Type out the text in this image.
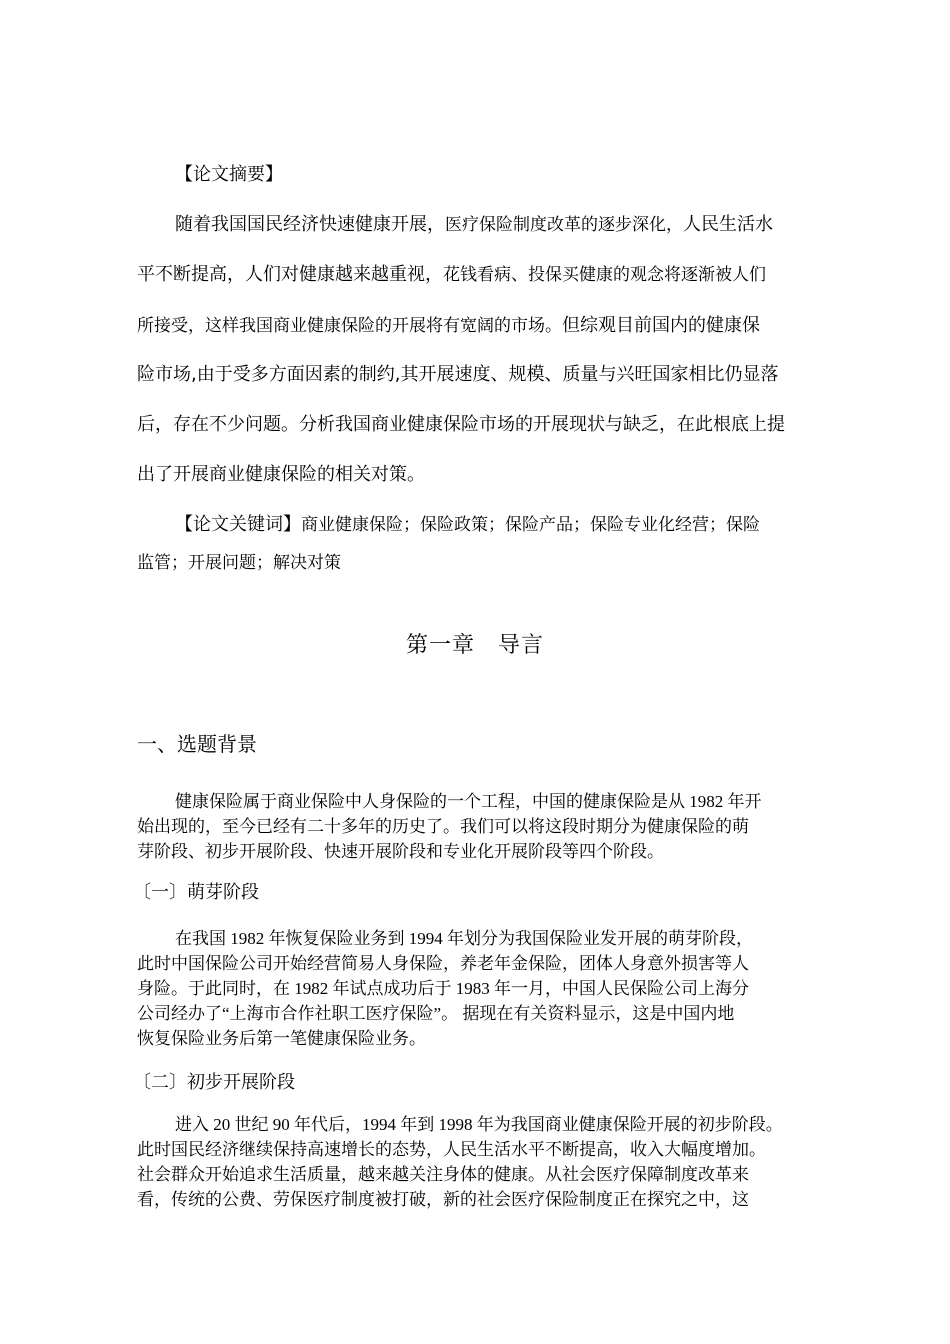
【论文摘要】
随着我国国民经济快速健康开展，医疗保险制度改革的逐步深化，人民生活水
平不断提高，人们对健康越来越重视，花钱看病、投保买健康的观念将逐渐被人们
所接受，这样我国商业健康保险的开展将有宽阔的市场。但综观目前国内的健康保
险市场,由于受多方面因素的制约,其开展速度、规模、质量与兴旺国家相比仍显落
后，存在不少问题。分析我国商业健康保险市场的开展现状与缺乏，在此根底上提
出了开展商业健康保险的相关对策。
【论文关键词】商业健康保险；保险政策；保险产品；保险专业化经营；保险
监管；开展问题；解决对策
第一章　导言
一、选题背景
健康保险属于商业保险中人身保险的一个工程，中国的健康保险是从 1982 年开
始出现的，至今已经有二十多年的历史了。我们可以将这段时期分为健康保险的萌
芽阶段、初步开展阶段、快速开展阶段和专业化开展阶段等四个阶段。
〔一〕萌芽阶段
在我国 1982 年恢复保险业务到 1994 年划分为我国保险业发开展的萌芽阶段，
此时中国保险公司开始经营简易人身保险，养老年金保险，团体人身意外损害等人
身险。于此同时，在 1982 年试点成功后于 1983 年一月，中国人民保险公司上海分
公司经办了“上海市合作社职工医疗保险”。 据现在有关资料显示，这是中国内地
恢复保险业务后第一笔健康保险业务。
〔二〕初步开展阶段
进入 20 世纪 90 年代后，1994 年到 1998 年为我国商业健康保险开展的初步阶段。
此时国民经济继续保持高速增长的态势，人民生活水平不断提高，收入大幅度增加。
社会群众开始追求生活质量，越来越关注身体的健康。从社会医疗保障制度改革来
看，传统的公费、劳保医疗制度被打破，新的社会医疗保险制度正在探究之中，这
